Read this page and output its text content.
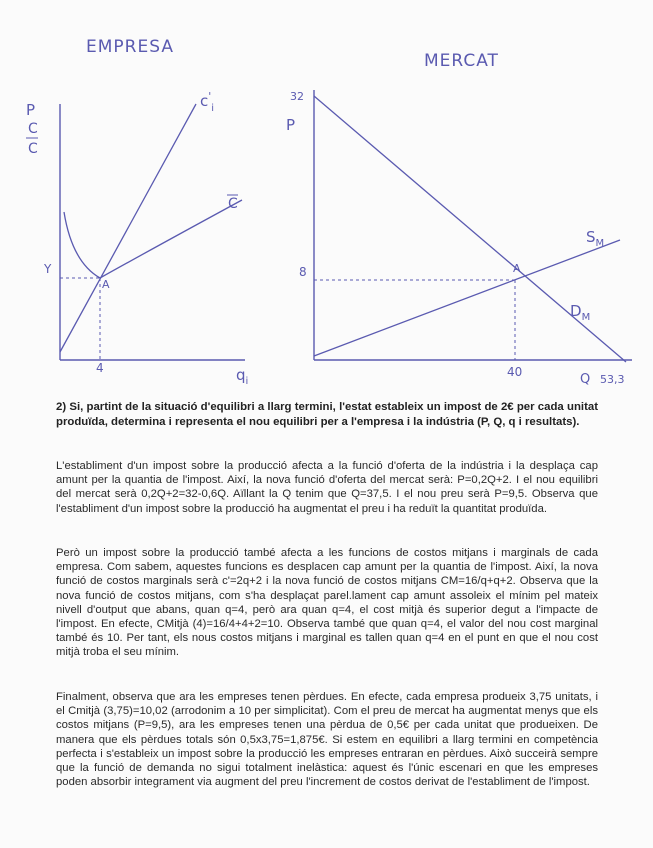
EMPRESA
P
C
C
Y
4	$q_i$
$c'_i$
C
A
MERCAT
32
P
8
40	Q 53,3
$D_M$
$S_M$
A
2) Si, partint de la situació d'equilibri a llarg termini, l'estat estableix un impost de 2€ per cada unitat produïda, determina i representa el nou equilibri per a l'empresa i la indústria (P, Q, q i resultats).
L'establiment d'un impost sobre la producció afecta a la funció d'oferta de la indústria i la desplaça cap amunt per la quantia de l'impost. Així, la nova funció d'oferta del mercat serà: P=0,2Q+2. I el nou equilibri del mercat serà 0,2Q+2=32-0,6Q. Aïllant la Q tenim que Q=37,5. I el nou preu serà P=9,5. Observa que l'establiment d'un impost sobre la producció ha augmentat el preu i ha reduït la quantitat produïda.
Però un impost sobre la producció també afecta a les funcions de costos mitjans i marginals de cada empresa. Com sabem, aquestes funcions es desplacen cap amunt per la quantia de l'impost. Així, la nova funció de costos marginals serà c'=2q+2 i la nova funció de costos mitjans CM=16/q+q+2. Observa que la nova funció de costos mitjans, com s'ha desplaçat parel.lament cap amunt assoleix el mínim pel mateix nivell d'output que abans, quan q=4, però ara quan q=4, el cost mitjà és superior degut a l'impacte de l'impost. En efecte, CMitjà (4)=16/4+4+2=10. Observa també que quan q=4, el valor del nou cost marginal també és 10. Per tant, els nous costos mitjans i marginal es tallen quan q=4 en el punt en que el nou cost mitjà troba el seu mínim.
Finalment, observa que ara les empreses tenen pèrdues. En efecte, cada empresa produeix 3,75 unitats, i el Cmitjà (3,75)=10,02 (arrodonim a 10 per simplicitat). Com el preu de mercat ha augmentat menys que els costos mitjans (P=9,5), ara les empreses tenen una pèrdua de 0,5€ per cada unitat que produeixen. De manera que els pèrdues totals són 0,5x3,75=1,875€. Si estem en equilibri a llarg termini en competència perfecta i s'estableix un impost sobre la producció les empreses entraran en pèrdues. Això succeirà sempre que la funció de demanda no sigui totalment inelàstica: aquest és l'únic escenari en que les empreses poden absorbir integrament via augment del preu l'increment de costos derivat de l'establiment de l'impost.
